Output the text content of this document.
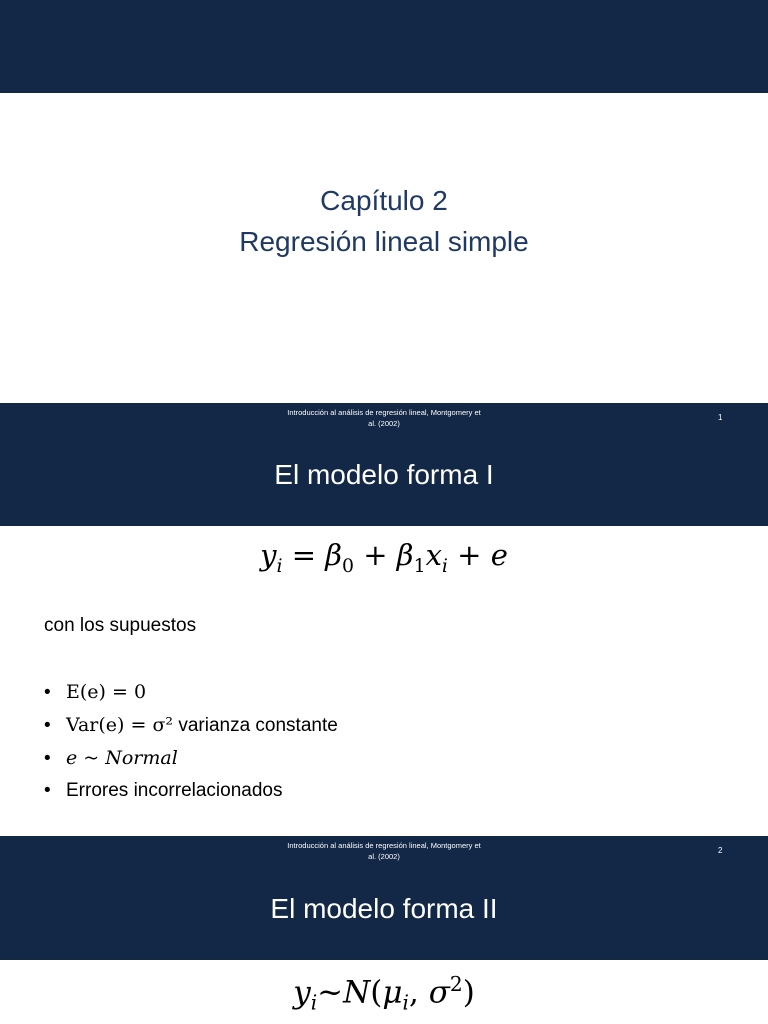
Capítulo 2
Regresión lineal simple
Introducción al análisis de regresión lineal, Montgomery et
al. (2002)
1
El modelo forma I
$y_i = \beta_0 + \beta_1x_i + e$
con los supuestos
• E(e) = 0
• Var(e) = σ² varianza constante
• e ~ Normal
• Errores incorrelacionados
Introducción al análisis de regresión lineal, Montgomery et
al. (2002)
2
El modelo forma II
$y_i\sim N(\mu_i$, $\sigma^2$)
